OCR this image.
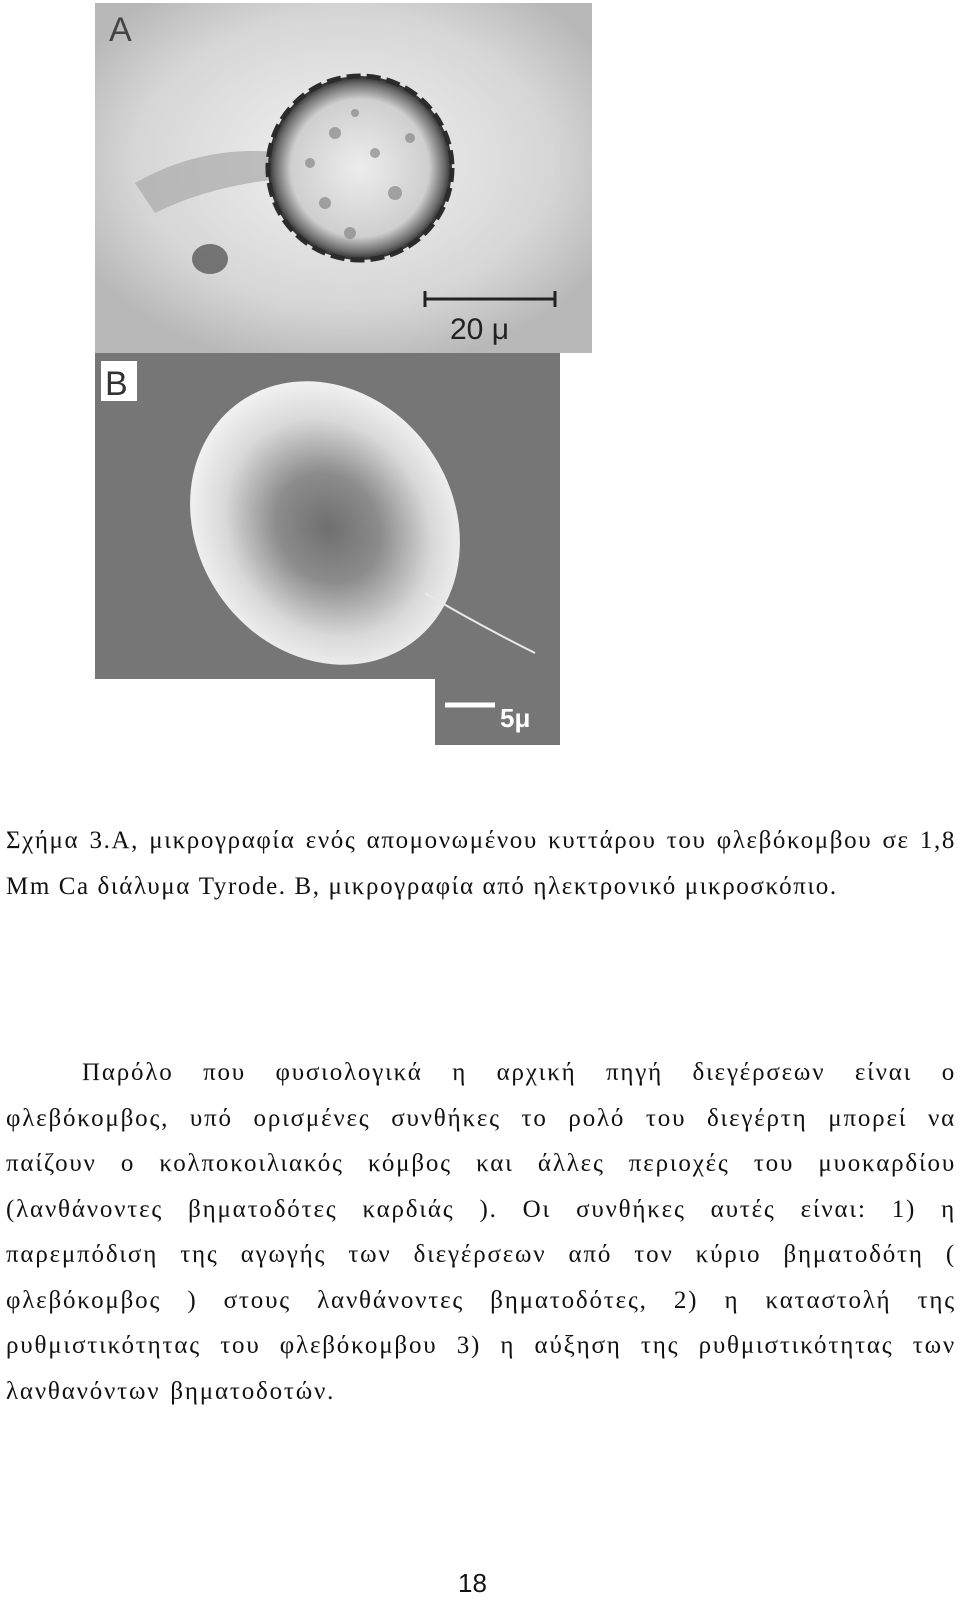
20 μ
A
5μ
B

Σχήμα 3.Α, μικρογραφία ενός απομονωμένου κυττάρου του φλεβόκομβου σε 1,8 Mm Ca διάλυμα Tyrode. B, μικρογραφία από ηλεκτρονικό μικροσκόπιο.

Παρόλο που φυσιολογικά η αρχική πηγή διεγέρσεων είναι ο φλεβόκομβος, υπό ορισμένες συνθήκες το ρολό του διεγέρτη μπορεί να παίζουν ο κολποκοιλιακός κόμβος και άλλες περιοχές του μυοκαρδίου (λανθάνοντες βηματοδότες καρδιάς ). Οι συνθήκες αυτές είναι: 1) η παρεμπόδιση της αγωγής των διεγέρσεων από τον κύριο βηματοδότη ( φλεβόκομβος ) στους λανθάνοντες βηματοδότες, 2) η καταστολή της ρυθμιστικότητας του φλεβόκομβου 3) η αύξηση της ρυθμιστικότητας των λανθανόντων βηματοδοτών.

18
